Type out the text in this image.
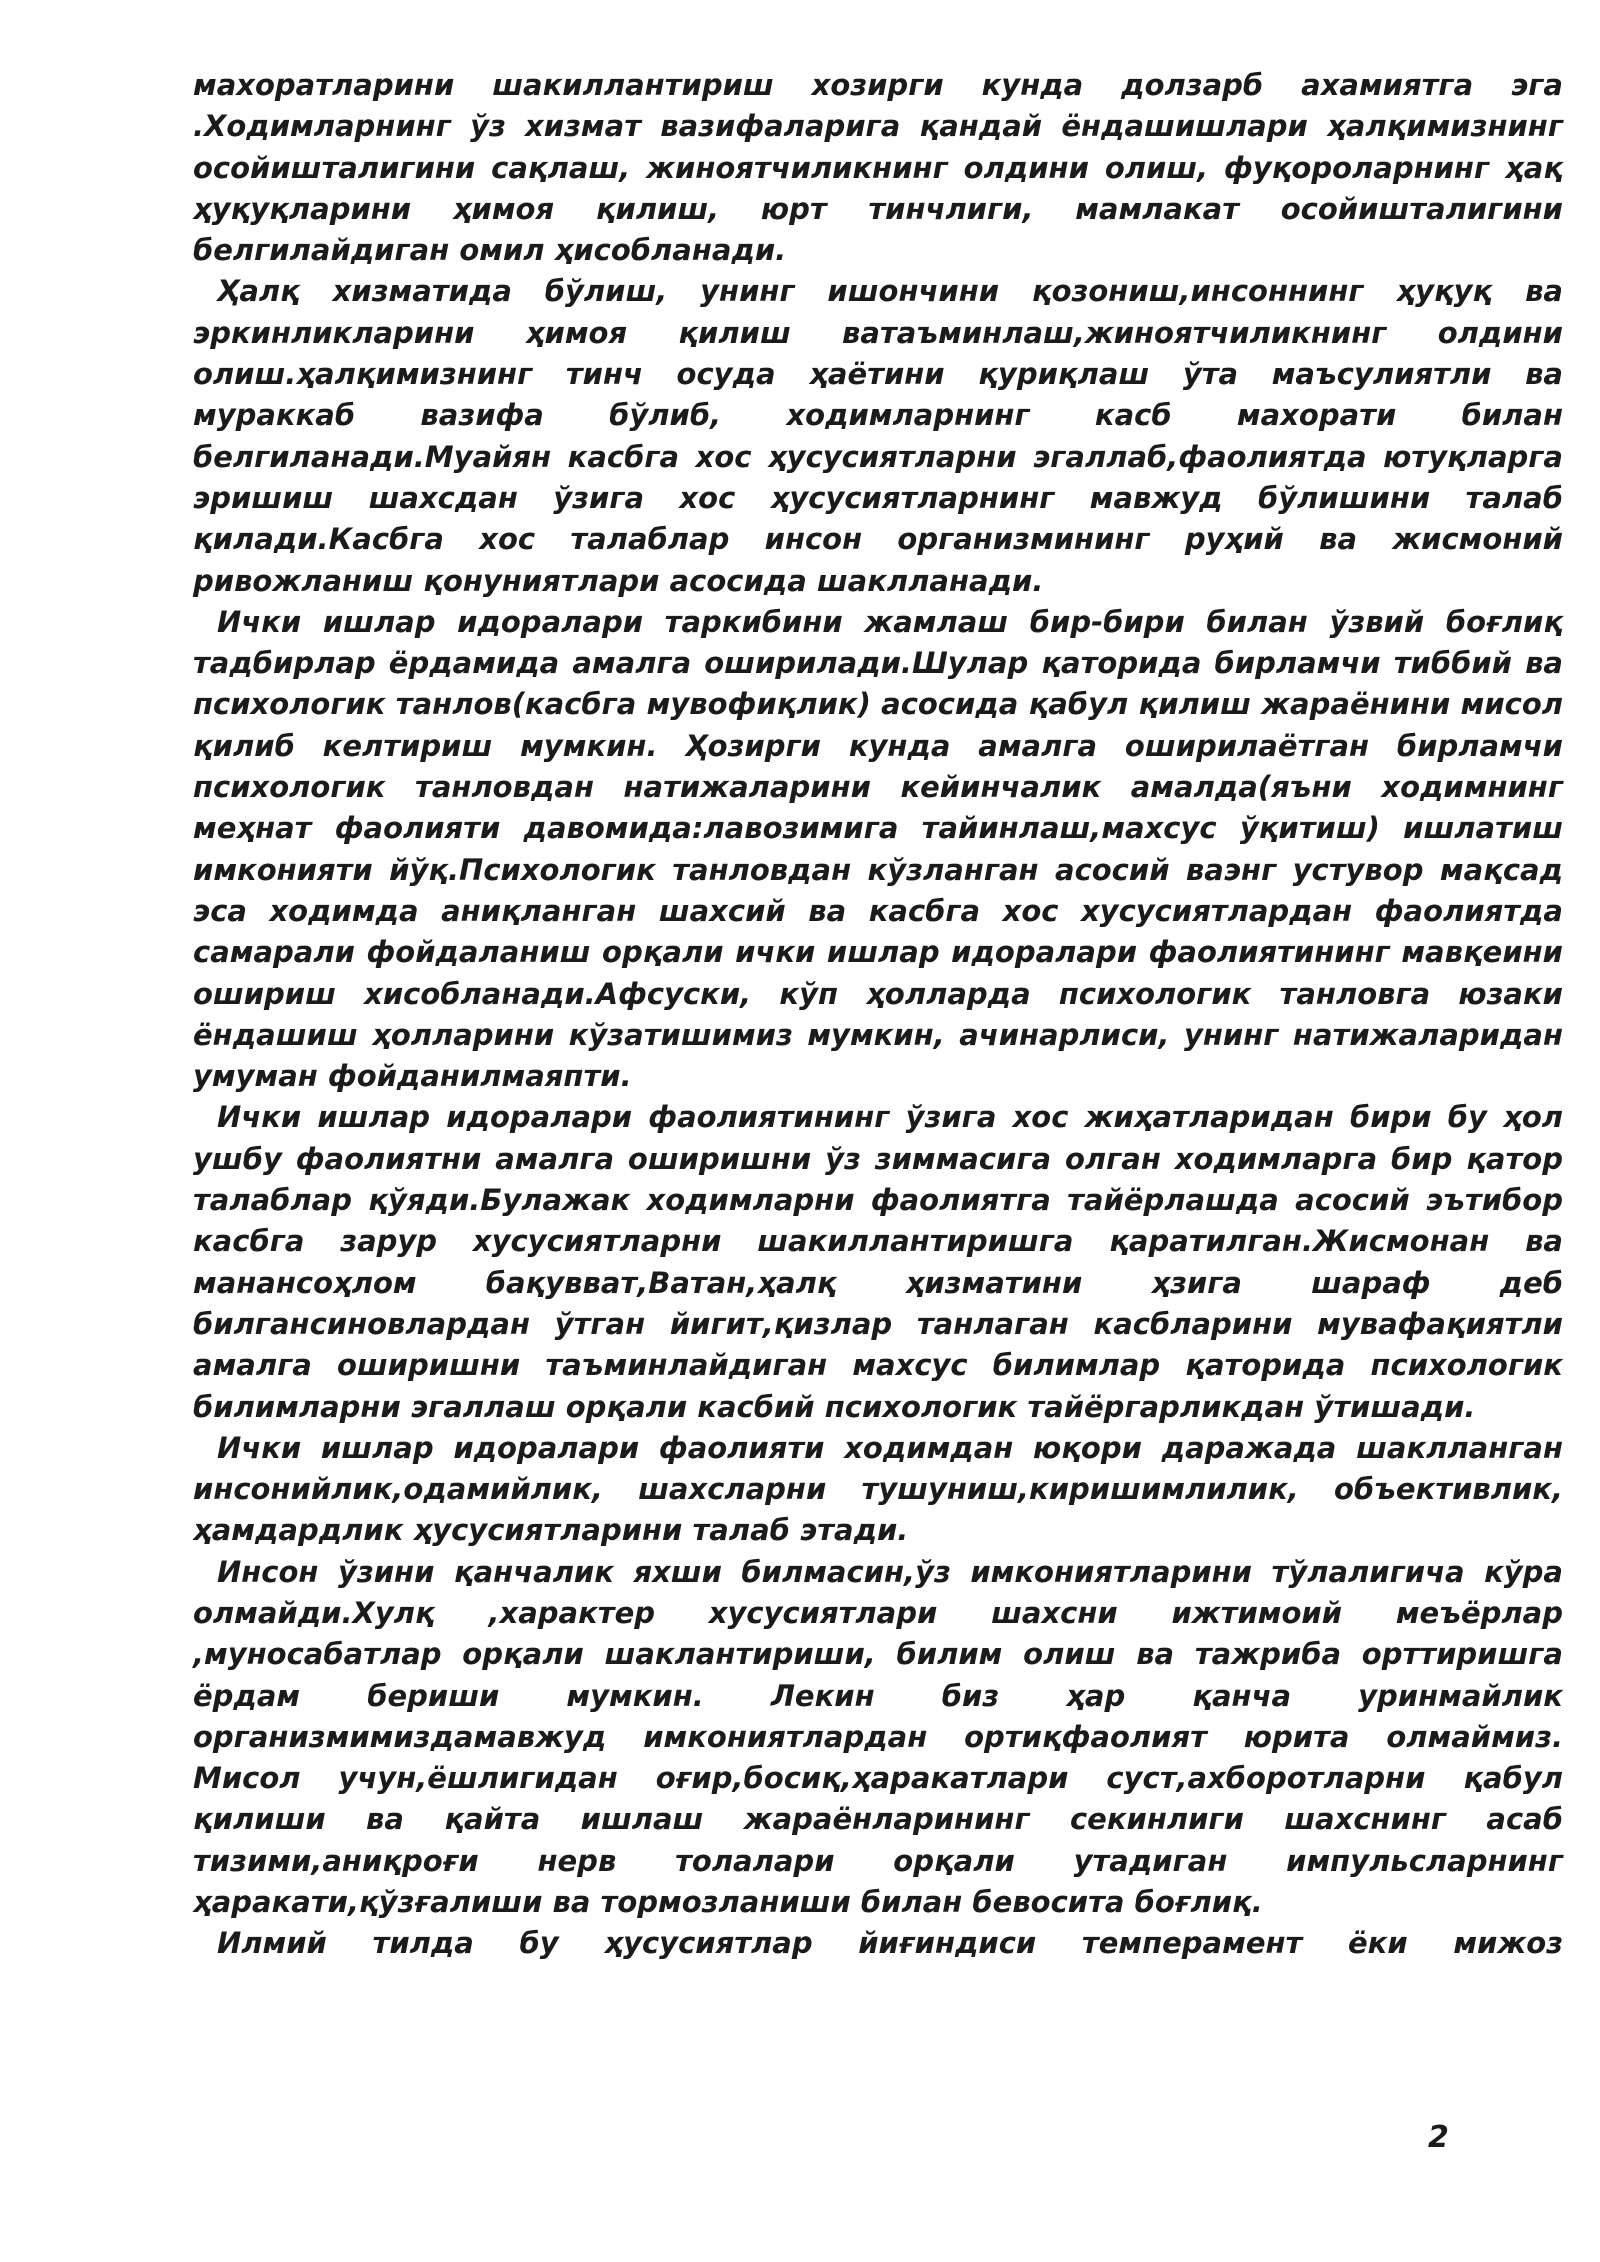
махоратларини шакиллантириш хозирги кунда долзарб ахамиятга эга

.Ходимларнинг ўз хизмат вазифаларига қандай ёндашишлари ҳалқимизнинг осойишталигини сақлаш, жиноятчиликнинг олдини олиш, фуқороларнинг ҳақ ҳуқуқларини ҳимоя қилиш, юрт тинчлиги, мамлакат осойишталигини белгилайдиган омил ҳисобланади.

Ҳалқ хизматида бўлиш, унинг ишончини қозониш,инсоннинг ҳуқуқ ва эркинликларини ҳимоя қилиш ватаъминлаш,жиноятчиликнинг олдини олиш.ҳалқимизнинг тинч осуда ҳаётини қуриқлаш ўта маъсулиятли ва мураккаб вазифа бўлиб, ходимларнинг касб махорати билан белгиланади.Муайян касбга хос ҳусусиятларни эгаллаб,фаолиятда ютуқларга эришиш шахсдан ўзига хос ҳусусиятларнинг мавжуд бўлишини талаб қилади.Касбга хос талаблар инсон организмининг руҳий ва жисмоний ривожланиш қонуниятлари асосида шаклланади.

Ички ишлар идоралари таркибини жамлаш бир-бири билан ўзвий боғлиқ тадбирлар ёрдамида амалга оширилади.Шулар қаторида бирламчи тиббий ва психологик танлов(касбга мувофиқлик) асосида қабул қилиш жараёнини мисол қилиб келтириш мумкин. Ҳозирги кунда амалга оширилаётган бирламчи психологик танловдан натижаларини кейинчалик амалда(яъни ходимнинг меҳнат фаолияти давомида:лавозимига тайинлаш,махсус ўқитиш) ишлатиш имконияти йўқ.Психологик танловдан кўзланган асосий ваэнг устувор мақсад эса ходимда аниқланган шахсий ва касбга хос хусусиятлардан фаолиятда самарали фойдаланиш орқали ички ишлар идоралари фаолиятининг мавқеини ошириш хисобланади.Афсуски, кўп ҳолларда психологик танловга юзаки ёндашиш ҳолларини кўзатишимиз мумкин, ачинарлиси, унинг натижаларидан умуман фойданилмаяпти.

Ички ишлар идоралари фаолиятининг ўзига хос жиҳатларидан бири бу ҳол ушбу фаолиятни амалга оширишни ўз зиммасига олган ходимларга бир қатор талаблар қўяди.Булажак ходимларни фаолиятга тайёрлашда асосий эътибор касбга зарур хусусиятларни шакиллантиришга қаратилган.Жисмонан ва манансоҳлом бақувват,Ватан,ҳалқ ҳизматини ҳзига шараф деб билгансиновлардан ўтган йигит,қизлар танлаган касбларини мувафақиятли амалга оширишни таъминлайдиган махсус билимлар қаторида психологик билимларни эгаллаш орқали касбий психологик тайёргарликдан ўтишади.

Ички ишлар идоралари фаолияти ходимдан юқори даражада шаклланган инсонийлик,одамийлик, шахсларни тушуниш,киришимлилик, объективлик, ҳамдардлик ҳусусиятларини талаб этади.

Инсон ўзини қанчалик яхши билмасин,ўз имкониятларини тўлалигича кўра олмайди.Хулқ ,характер хусусиятлари шахсни ижтимоий меъёрлар ,муносабатлар орқали шаклантириши, билим олиш ва тажриба орттиришга ёрдам бериши мумкин. Лекин биз ҳар қанча уринмайлик организмимиздамавжуд имкониятлардан ортиқфаолият юрита олмаймиз. Мисол учун,ёшлигидан оғир,босиқ,ҳаракатлари суст,ахборотларни қабул қилиши ва қайта ишлаш жараёнларининг секинлиги шахснинг асаб тизими,аниқроғи нерв толалари орқали утадиган импульсларнинг ҳаракати,қўзғалиши ва тормозланиши билан бевосита боғлиқ.

Илмий тилда бу ҳусусиятлар йиғиндиси темперамент ёки мижоз

2
